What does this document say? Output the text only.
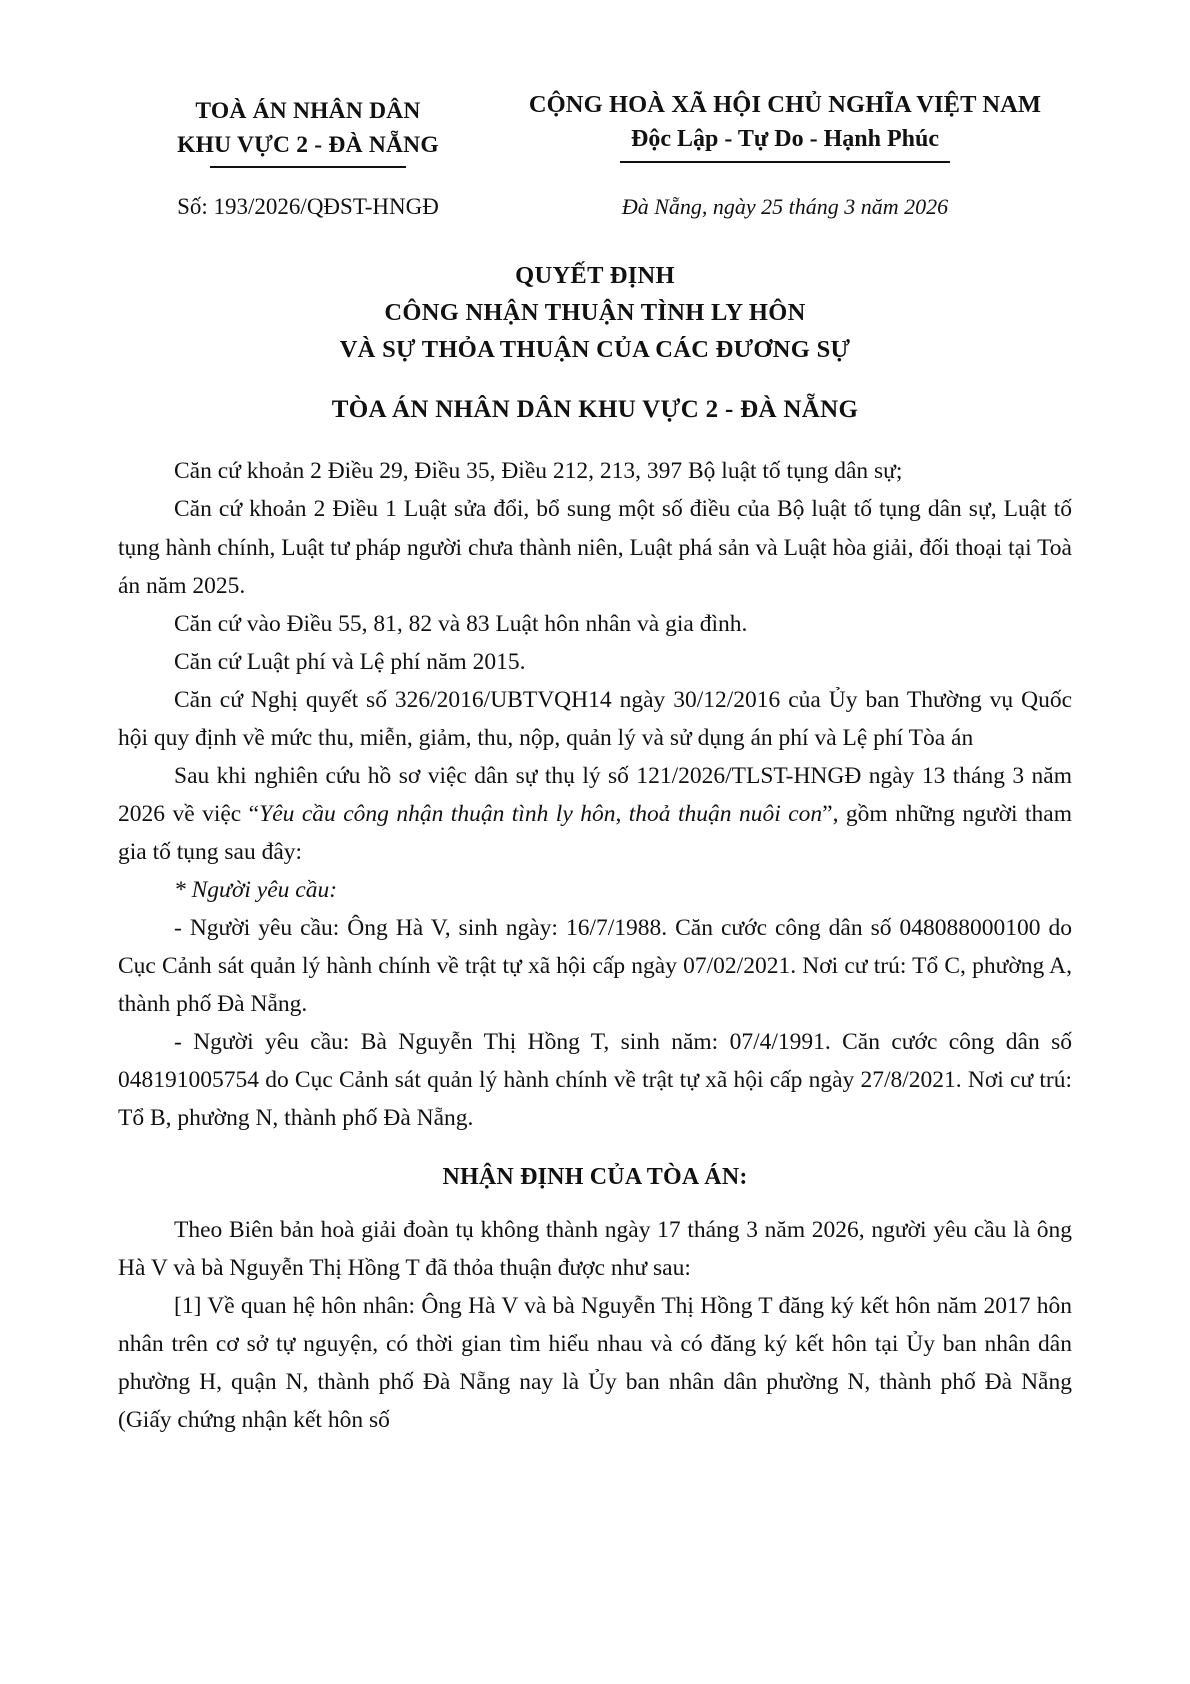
TOÀ ÁN NHÂN DÂN
KHU VỰC 2 - ĐÀ NẴNG
CỘNG HOÀ XÃ HỘI CHỦ NGHĨA VIỆT NAM
Độc Lập - Tự Do - Hạnh Phúc
Số: 193/2026/QĐST-HNGĐ	Đà Nẵng, ngày 25 tháng 3 năm 2026
QUYẾT ĐỊNH
CÔNG NHẬN THUẬN TÌNH LY HÔN
VÀ SỰ THỎA THUẬN CỦA CÁC ĐƯƠNG SỰ
TÒA ÁN NHÂN DÂN KHU VỰC 2 - ĐÀ NẴNG

Căn cứ khoản 2 Điều 29, Điều 35, Điều 212, 213, 397 Bộ luật tố tụng dân sự;

Căn cứ khoản 2 Điều 1 Luật sửa đổi, bổ sung một số điều của Bộ luật tố tụng dân sự, Luật tố tụng hành chính, Luật tư pháp người chưa thành niên, Luật phá sản và Luật hòa giải, đối thoại tại Toà án năm 2025.

Căn cứ vào Điều 55, 81, 82 và 83 Luật hôn nhân và gia đình.

Căn cứ Luật phí và Lệ phí năm 2015.

Căn cứ Nghị quyết số 326/2016/UBTVQH14 ngày 30/12/2016 của Ủy ban Thường vụ Quốc hội quy định về mức thu, miễn, giảm, thu, nộp, quản lý và sử dụng án phí và Lệ phí Tòa án

Sau khi nghiên cứu hồ sơ việc dân sự thụ lý số 121/2026/TLST-HNGĐ ngày 13 tháng 3 năm 2026 về việc “Yêu cầu công nhận thuận tình ly hôn, thoả thuận nuôi con”, gồm những người tham gia tố tụng sau đây:

* Người yêu cầu:

- Người yêu cầu: Ông Hà V, sinh ngày: 16/7/1988. Căn cước công dân số 048088000100 do Cục Cảnh sát quản lý hành chính về trật tự xã hội cấp ngày 07/02/2021. Nơi cư trú: Tổ C, phường A, thành phố Đà Nẵng.

- Người yêu cầu: Bà Nguyễn Thị Hồng T, sinh năm: 07/4/1991. Căn cước công dân số 048191005754 do Cục Cảnh sát quản lý hành chính về trật tự xã hội cấp ngày 27/8/2021. Nơi cư trú: Tổ B, phường N, thành phố Đà Nẵng.

NHẬN ĐỊNH CỦA TÒA ÁN:

Theo Biên bản hoà giải đoàn tụ không thành ngày 17 tháng 3 năm 2026, người yêu cầu là ông Hà V và bà Nguyễn Thị Hồng T đã thỏa thuận được như sau:

[1] Về quan hệ hôn nhân: Ông Hà V và bà Nguyễn Thị Hồng T đăng ký kết hôn năm 2017 hôn nhân trên cơ sở tự nguyện, có thời gian tìm hiểu nhau và có đăng ký kết hôn tại Ủy ban nhân dân phường H, quận N, thành phố Đà Nẵng nay là Ủy ban nhân dân phường N, thành phố Đà Nẵng (Giấy chứng nhận kết hôn số
